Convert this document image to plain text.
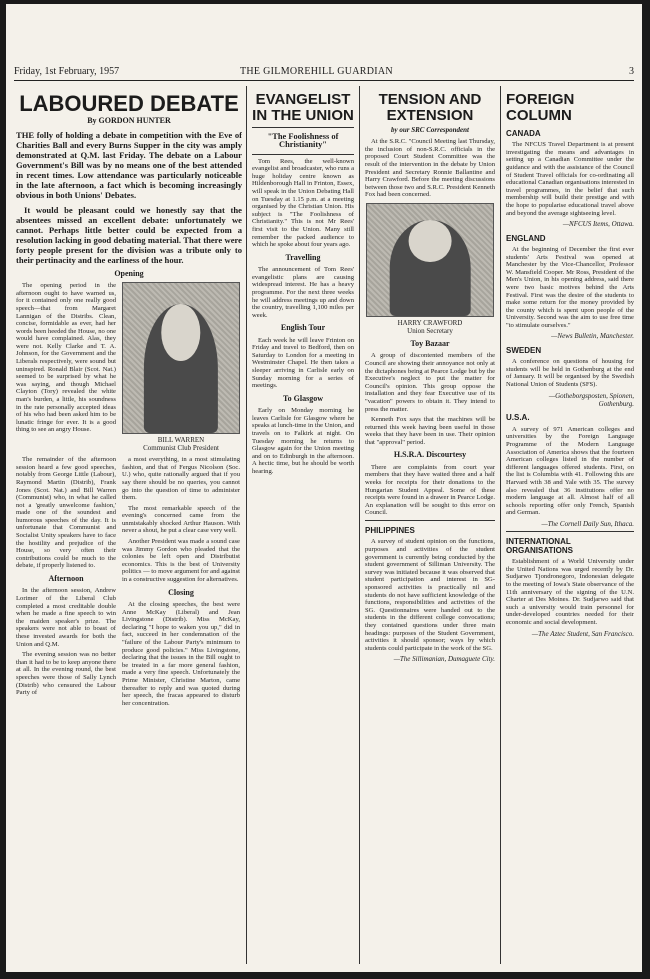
Friday, 1st February, 1957	THE GILMOREHILL GUARDIAN	3
LABOURED DEBATE
By GORDON HUNTER
THE folly of holding a debate in competition with the Eve of Charities Ball and every Burns Supper in the city was amply demonstrated at Q.M. last Friday. The debate on a Labour Government's Bill was by no means one of the best attended in recent times. Low attendance was particularly noticeable in the late afternoon, a fact which is becoming increasingly obvious in both Unions' Debates.
It would be pleasant could we honestly say that the absentees missed an excellent debate: unfortunately we cannot. Perhaps little better could be expected from a resolution lacking in good debating material. That there were forty people present for the division was a tribute only to their pertinacity and the earliness of the hour.
Opening

The opening period in the afternoon ought to have warned us, for it contained only one really good speech—that from Margaret Lannigan of the Distribs. Clean, concise, formidable as ever, had her words been heeded the House, no one would have complained. Alas, they were not. Kelly Clarke and T. A. Johnson, for the Government and the Liberals respectively, were sound but uninspired. Ronald Blair (Scot. Nat.) seemed to be surprised by what he was saying, and though Michael Clayton (Tory) revealed the white man's burden, a little, his soundness in the rate personally accepted ideas of his who had been asked him to be lunatic fringe for ever. It is a good thing to see an angry House.

BILL WARREN
Communist Club President

The remainder of the afternoon session heard a few good speeches, notably from George Little (Labour), Raymond Martin (Distrib), Frank Jones (Scot. Nat.) and Bill Warren (Communist) who, in what he called not a 'greatly unwelcome fashion,' made one of the soundest and humorous speeches of the day. It is unfortunate that Communist and Socialist Unity speakers have to face the hostility and prejudice of the House, so very often their contributions could be much to the debate, if properly listened to.

Afternoon

In the afternoon session, Andrew Lorimer of the Liberal Club completed a most creditable double when he made a fine speech to win the maiden speaker's prize. The speakers were not able to boast of these invested awards for both the Union and Q.M.

The evening session was no better than it had to be to keep anyone there at all. In the evening round, the best speeches were those of Sally Lynch (Distrib) who censured the Labour Party of

a most everything, in a most stimulating fashion, and that of Fergus Nicolson (Soc. U.) who, quite rationally argued that if you say there should be no queries, you cannot go into the question of time to administer them.

The most remarkable speech of the evening's concerned came from the unmistakably shocked Arthur Hauson. With never a shout, he put a clear case very well.

Another President was made a sound case was Jimmy Gordon who pleaded that the colonies be left open and Distributist economics. This is the best of University politics — to move argument for and against in a constructive suggestion for alternatives.

Closing

At the closing speeches, the best were Anne McKay (Liberal) and Jean Livingstone (Distrib). Miss McKay, declaring "I hope to waken you up," did in fact, succeed in her condemnation of the "failure of the Labour Party's minimum to produce good policies." Miss Livingstone, declaring that the issues in the Bill ought to be treated in a far more general fashion, made a very fine speech. Unfortunately the Prime Minister, Christine Marton, came thereafter to reply and was quoted during her speech, the fracas appeared to disturb her concentration.

EVANGELIST IN THE UNION
"The Foolishness of Christianity"

Tom Rees, the well-known evangelist and broadcaster, who runs a huge holiday centre known as Hildenborough Hall in Frinton, Essex, will speak in the Union Debating Hall on Tuesday at 1.15 p.m. at a meeting organised by the Christian Union. His subject is "The Foolishness of Christianity." This is not Mr Rees' first visit to the Union. Many still remember the packed audience to which he spoke about four years ago.

Travelling

The announcement of Tom Rees' evangelistic plans are causing widespread interest. He has a heavy programme. For the next three weeks he will address meetings up and down the country, travelling 1,100 miles per week.

English Tour

Each week he will leave Frinton on Friday and travel to Bedford, then on Saturday to London for a meeting in Westminster Chapel. He then takes a sleeper arriving in Carlisle early on Sunday morning for a series of meetings.

To Glasgow

Early on Monday morning he leaves Carlisle for Glasgow where he speaks at lunch-time in the Union, and travels on to Falkirk at night. On Tuesday morning he returns to Glasgow again for the Union meeting and on to Edinburgh in the afternoon. A hectic time, but he should be worth hearing.

TENSION AND EXTENSION
by our SRC Correspondent

At the S.R.C. "Council Meeting last Thursday, the inclusion of non-S.R.C. officials in the proposed Court Student Committee was the result of the intervention in the debate by Union President and Secretary Ronnie Ballantine and Harry Crawford. Before the meeting discussions between those two and S.R.C. President Kenneth Fox had been concerned.

HARRY CRAWFORD
Union Secretary
Toy Bazaar

A group of discontented members of the Council are showing their annoyance not only at the dictaphones being at Pearce Lodge but by the Executive's neglect to put the matter for Council's opinion. This group oppose the installation and they fear Executive use of its "vacation" powers to obtain it. They intend to press the matter.

Kenneth Fox says that the machines will be returned this week having been useful in those weeks that they have been in use. Their opinion that "approval" period.

H.S.R.A. Discourtesy

There are complaints from court year members that they have waited three and a half weeks for receipts for their donations to the Hungarian Student Appeal. Some of these receipts were found in a drawer in Pearce Lodge. An explanation will be sought to this error on Council.

PHILIPPINES

A survey of student opinion on the functions, purposes and activities of the student government is currently being conducted by the student government of Silliman University. The survey was initiated because it was observed that student participation and interest in SG-sponsored activities is practically nil and students do not have sufficient knowledge of the functions, responsibilities and activities of the SG. Questionnaires were handed out to the students in the different college convocations; they contained questions under three main headings: purposes of the Student Government, activities it should sponsor; ways by which students could participate in the work of the SG.

—The Sillimanian, Dumaguete City.

FOREIGN COLUMN
CANADA

The NFCUS Travel Department is at present investigating the means and advantages in setting up a Canadian Committee under the guidance and with the assistance of the Council of Student Travel officials for co-ordinating all educational Canadian organisations interested in travel programmes, in the belief that such membership will build their prestige and with the hope to popularise educational travel above and beyond the average sightseeing level.

—NFCUS Items, Ottawa.

ENGLAND

At the beginning of December the first ever students' Arts Festival was opened at Manchester by the Vice-Chancellor, Professor W. Mansfield Cooper. Mr Ross, President of the Men's Union, in his opening address, said there were two basic motives behind the Arts Festival. First was the desire of the students to make some return for the money provided by the county which is spent upon people of the University. Second was the aim to use free time "to stimulate ourselves."

—News Bulletin, Manchester.

SWEDEN

A conference on questions of housing for students will be held in Gothenburg at the end of January. It will be organised by the Swedish National Union of Students (SFS).

—Gotheborgsposten, Spionen, Gothenburg.

U.S.A.

A survey of 971 American colleges and universities by the Foreign Language Programme of the Modern Language Association of America shows that the fourteen American colleges listed in the number of different languages offered students. First, on the list is Columbia with 41. Following this are Harvard with 38 and Yale with 35. The survey also revealed that 36 institutions offer no modern language at all. Almost half of all schools reporting offer only French, Spanish and German.

—The Cornell Daily Sun, Ithaca.

INTERNATIONAL ORGANISATIONS

Establishment of a World University under the United Nations was urged recently by Dr. Sudjarwo Tjondronegoro, Indonesian delegate to the meeting of Iowa's State observance of the 11th anniversary of the signing of the U.N. Charter at Des Moines. Dr. Sudjarwo said that such a university would train personnel for under-developed countries needed for their economic and social development.

—The Aztec Student, San Francisco.
